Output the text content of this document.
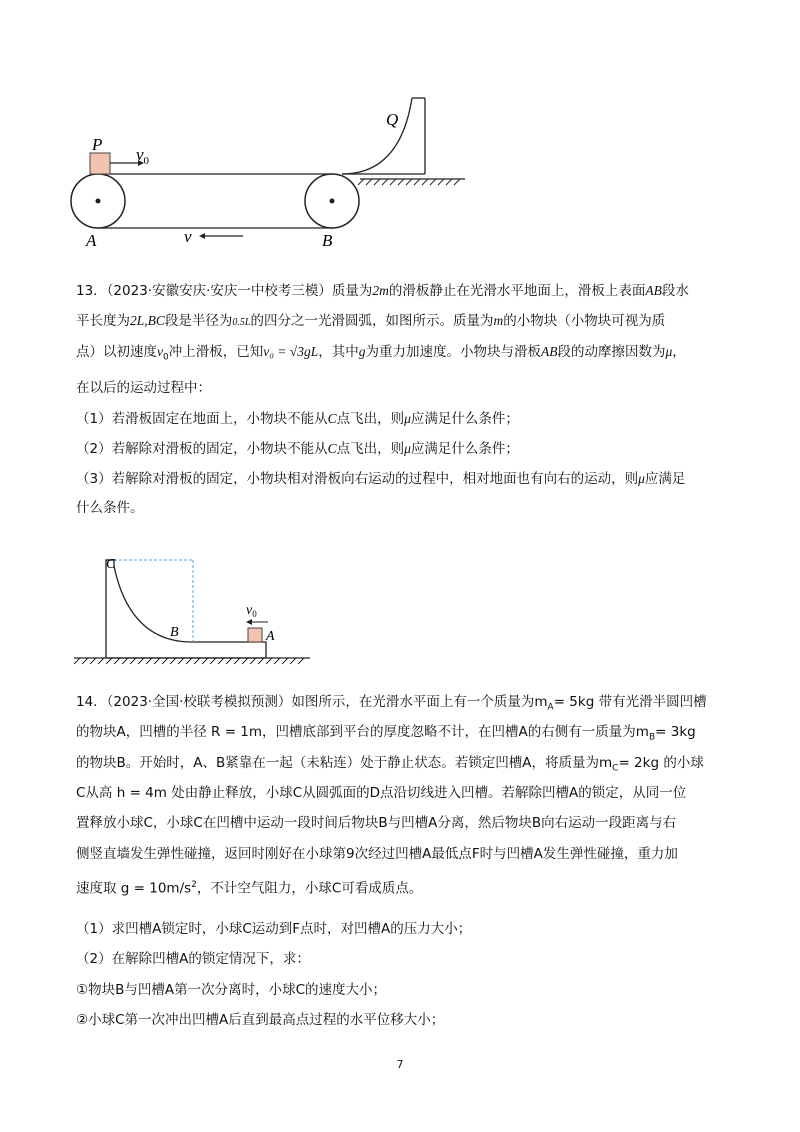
P
$v_0$
Q
A	B
v
13．（2023·安徽安庆·安庆一中校考三模）质量为2m的滑板静止在光滑水平地面上，滑板上表面AB段水
平长度为2L,BC段是半径为0.5L的四分之一光滑圆弧，如图所示。质量为m的小物块（小物块可视为质
点）以初速度$v_0$冲上滑板，已知v₀ = √3gL，其中g为重力加速度。小物块与滑板AB段的动摩擦因数为μ，
在以后的运动过程中：
（1）若滑板固定在地面上，小物块不能从C点飞出，则μ应满足什么条件；
（2）若解除对滑板的固定，小物块不能从C点飞出，则μ应满足什么条件；
（3）若解除对滑板的固定，小物块相对滑板向右运动的过程中，相对地面也有向右的运动，则μ应满足
什么条件。
C
B	A
$v_0$
14．（2023·全国·校联考模拟预测）如图所示，在光滑水平面上有一个质量为$m_A= 5kg$ 带有光滑半圆凹槽
的物块A，凹槽的半径 R = 1m，凹槽底部到平台的厚度忽略不计，在凹槽A的右侧有一质量为$m_B= 3kg$
的物块B。开始时，A、B紧靠在一起（未粘连）处于静止状态。若锁定凹槽A，将质量为$m_C= 2kg$ 的小球
C从高 h = 4m 处由静止释放，小球C从圆弧面的D点沿切线进入凹槽。若解除凹槽A的锁定，从同一位
置释放小球C，小球C在凹槽中运动一段时间后物块B与凹槽A分离，然后物块B向右运动一段距离与右
侧竖直墙发生弹性碰撞，返回时刚好在小球第9次经过凹槽A最低点F时与凹槽A发生弹性碰撞，重力加
速度取 $g = 10m/s^2$，不计空气阻力，小球C可看成质点。
（1）求凹槽A锁定时，小球C运动到F点时，对凹槽A的压力大小；
（2）在解除凹槽A的锁定情况下，求：
①物块B与凹槽A第一次分离时，小球C的速度大小；
②小球C第一次冲出凹槽A后直到最高点过程的水平位移大小；
7
